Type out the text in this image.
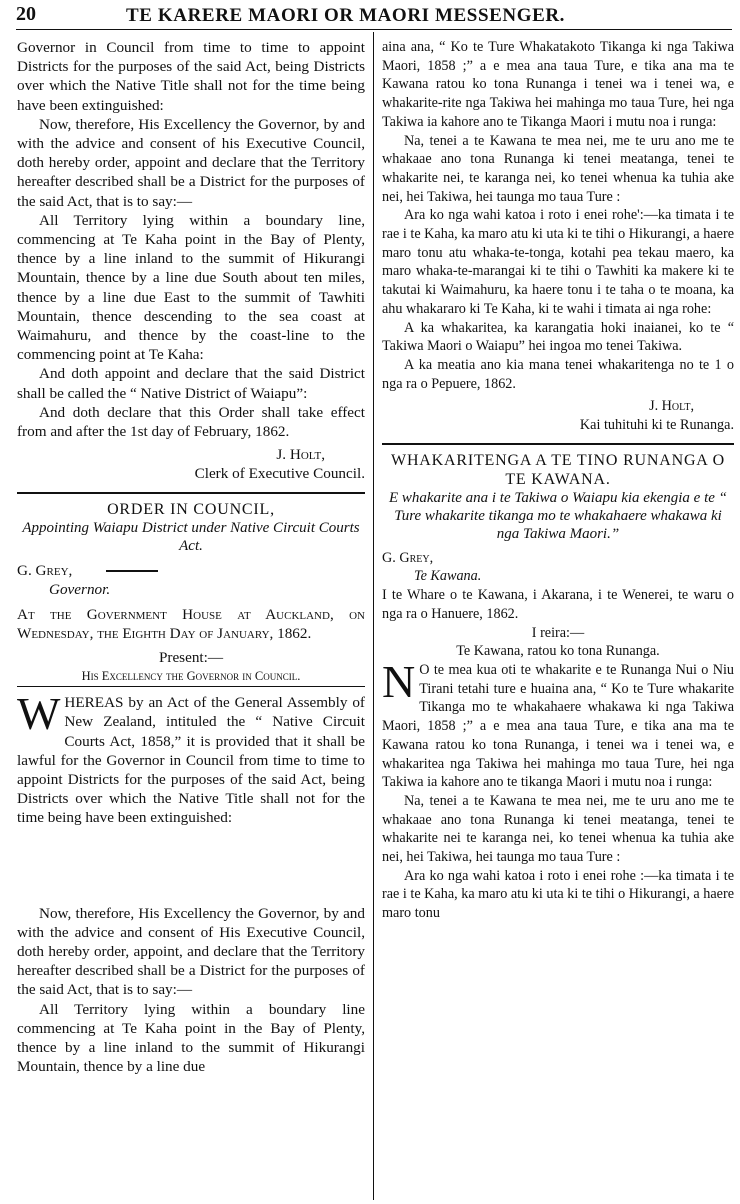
20	TE KARERE MAORI OR MAORI MESSENGER.

Governor in Council from time to time to appoint Districts for the purposes of the said Act, being Districts over which the Native Title shall not for the time being have been extinguished:

Now, therefore, His Excellency the Governor, by and with the advice and consent of his Executive Council, doth hereby order, appoint and declare that the Territory hereafter described shall be a District for the purposes of the said Act, that is to say:—

All Territory lying within a boundary line, commencing at Te Kaha point in the Bay of Plenty, thence by a line inland to the summit of Hikurangi Mountain, thence by a line due South about ten miles, thence by a line due East to the summit of Tawhiti Mountain, thence descending to the sea coast at Waimahuru, and thence by the coast-line to the commencing point at Te Kaha:

And doth appoint and declare that the said District shall be called the “ Native District of Waiapu”:

And doth declare that this Order shall take effect from and after the 1st day of February, 1862.

J. Holt,

Clerk of Executive Council.

ORDER IN COUNCIL,

Appointing Waiapu District under Native Circuit Courts Act.

G. Grey,

Governor.

At the Government House at Auckland, on Wednesday, the Eighth Day of January, 1862.

Present:—

His Excellency the Governor in Council.

WHEREAS by an Act of the General Assembly of New Zealand, intituled the “ Native Circuit Courts Act, 1858,” it is provided that it shall be lawful for the Governor in Council from time to time to appoint Districts for the purposes of the said Act, being Districts over which the Native Title shall not for the time being have been extinguished:

Now, therefore, His Excellency the Governor, by and with the advice and consent of His Executive Council, doth hereby order, appoint, and declare that the Territory hereafter described shall be a District for the purposes of the said Act, that is to say:—

All Territory lying within a boundary line commencing at Te Kaha point in the Bay of Plenty, thence by a line inland to the summit of Hikurangi Mountain, thence by a line due

aina ana, “ Ko te Ture Whakatakoto Tikanga ki nga Takiwa Maori, 1858 ;” a e mea ana taua Ture, e tika ana ma te Kawana ratou ko tona Runanga i tenei wa i tenei wa, e whakarite-rite nga Takiwa hei mahinga mo taua Ture, hei nga Takiwa ia kahore ano te Tikanga Maori i mutu noa i runga:

Na, tenei a te Kawana te mea nei, me te uru ano me te whakaae ano tona Runanga ki tenei meatanga, tenei te whakarite nei, te karanga nei, ko tenei whenua ka tuhia ake nei, hei Takiwa, hei taunga mo taua Ture :

Ara ko nga wahi katoa i roto i enei rohe':—ka timata i te rae i te Kaha, ka maro atu ki uta ki te tihi o Hikurangi, a haere maro tonu atu whaka-te-tonga, kotahi pea tekau maero, ka maro whaka-te-marangai ki te tihi o Tawhiti ka makere ki te takutai ki Waimahuru, ka haere tonu i te taha o te moana, ka ahu whakararo ki Te Kaha, ki te wahi i timata ai nga rohe:

A ka whakaritea, ka karangatia hoki inaianei, ko te “ Takiwa Maori o Waiapu” hei ingoa mo tenei Takiwa.

A ka meatia ano kia mana tenei whakaritenga no te 1 o nga ra o Pepuere, 1862.

J. Holt,

Kai tuhituhi ki te Runanga.

WHAKARITENGA A TE TINO RUNANGA O TE KAWANA.

E whakarite ana i te Takiwa o Waiapu kia ekengia e te “ Ture whakarite tikanga mo te whakahaere whakawa ki nga Takiwa Maori.”

G. Grey,

Te Kawana.

I te Whare o te Kawana, i Akarana, i te Wenerei, te waru o nga ra o Hanuere, 1862.

I reira:—

Te Kawana, ratou ko tona Runanga.

N O te mea kua oti te whakarite e te Runanga Nui o Niu Tirani tetahi ture e huaina ana, “ Ko te Ture whakarite Tikanga mo te whakahaere whakawa ki nga Takiwa Maori, 1858 ;” a e mea ana taua Ture, e tika ana ma te Kawana ratou ko tona Runanga, i tenei wa i tenei wa, e whakaritea nga Takiwa hei mahinga mo taua Ture, hei nga Takiwa ia kahore ano te tikanga Maori i mutu noa i runga:

Na, tenei a te Kawana te mea nei, me te uru ano me te whakaae ano tona Runanga ki tenei meatanga, tenei te whakarite nei te karanga nei, ko tenei whenua ka tuhia ake nei, hei Takiwa, hei taunga mo taua Ture :

Ara ko nga wahi katoa i roto i enei rohe :—ka timata i te rae i te Kaha, ka maro atu ki uta ki te tihi o Hikurangi, a haere maro tonu
